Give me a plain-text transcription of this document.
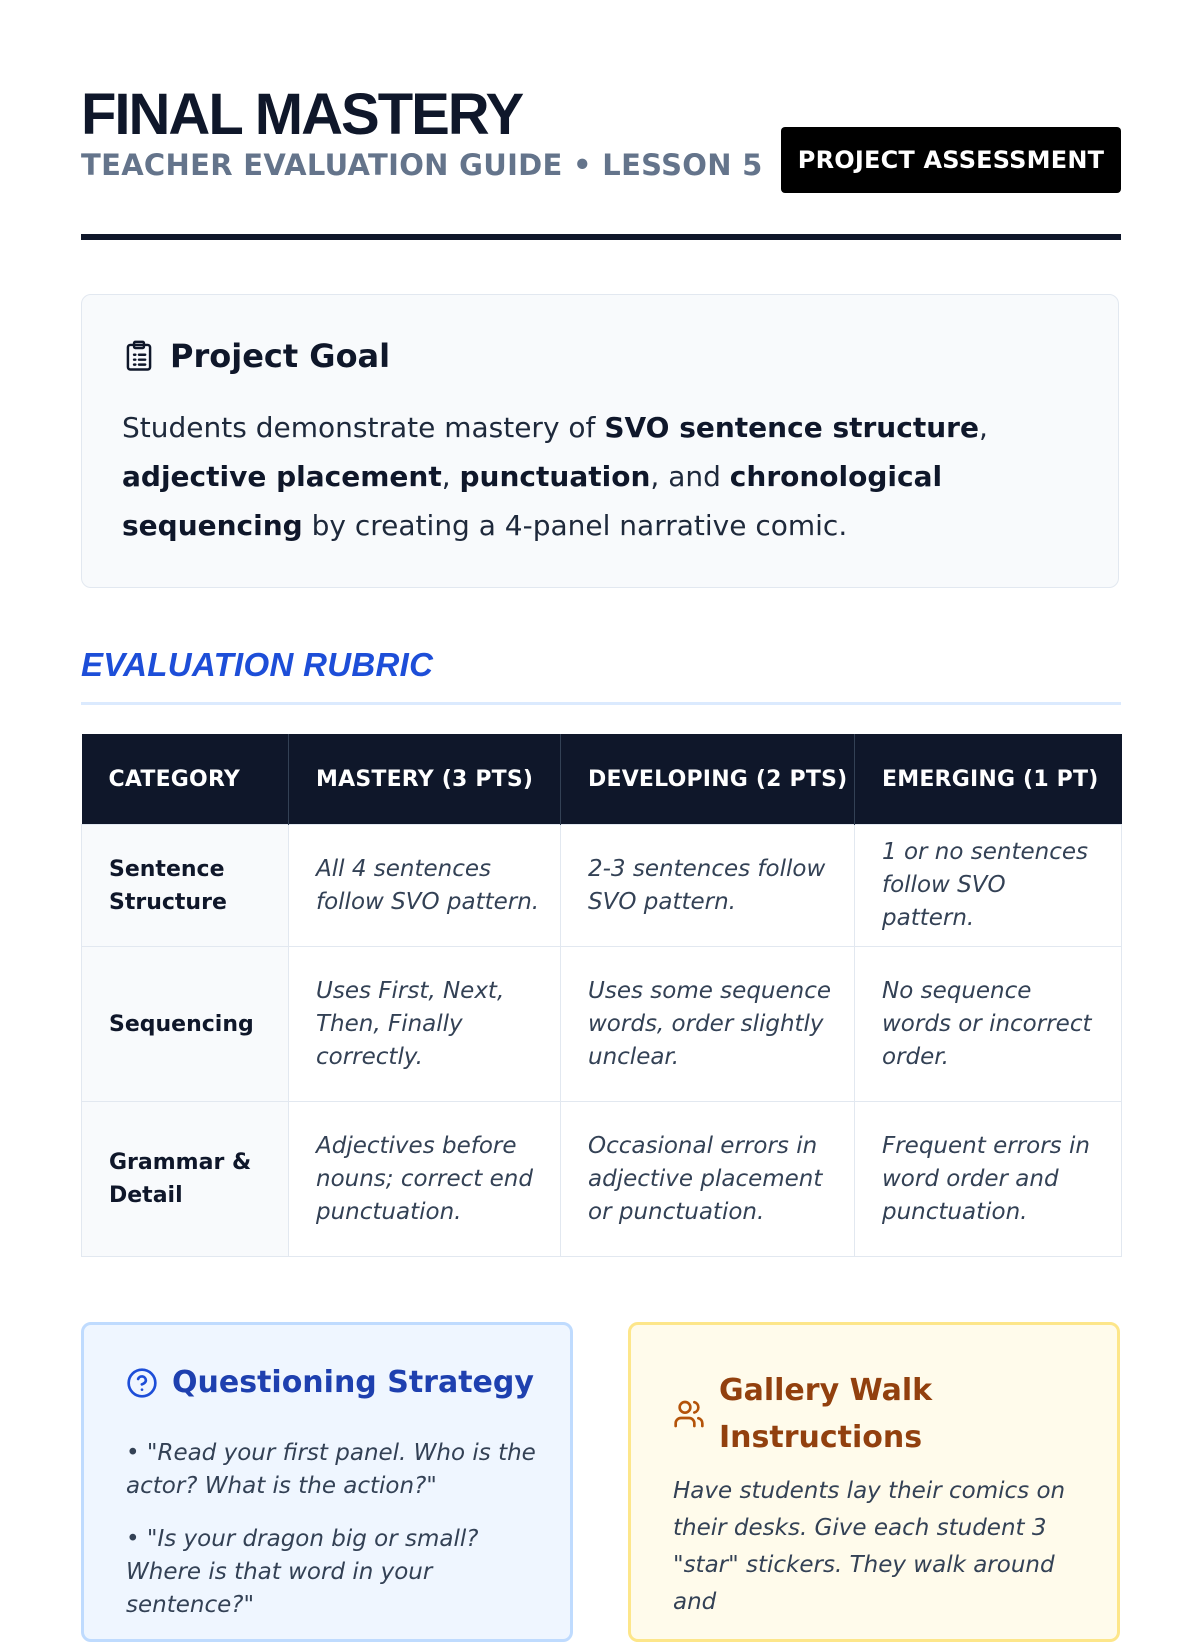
FINAL MASTERY
TEACHER EVALUATION GUIDE • LESSON 5	PROJECT ASSESSMENT
Project Goal

Students demonstrate mastery of SVO sentence structure,
adjective placement, punctuation, and chronological sequencing by creating a 4-panel narrative comic.

EVALUATION RUBRIC
CATEGORY	MASTERY (3 PTS)	DEVELOPING (2 PTS)	EMERGING (1 PT)
Sentence Structure	All 4 sentences follow SVO pattern.	2-3 sentences follow SVO pattern.	1 or no sentences follow SVO pattern.
Sequencing	Uses First, Next, Then, Finally correctly.	Uses some sequence words, order slightly unclear.	No sequence words or incorrect order.
Grammar & Detail	Adjectives before nouns; correct end punctuation.	Occasional errors in adjective placement or punctuation.	Frequent errors in word order and punctuation.
Questioning Strategy

• "Read your first panel. Who is the actor? What is the action?"

• "Is your dragon big or small? Where is that word in your sentence?"

Gallery Walk Instructions

Have students lay their comics on their desks. Give each student 3 "star" stickers. They walk around and
